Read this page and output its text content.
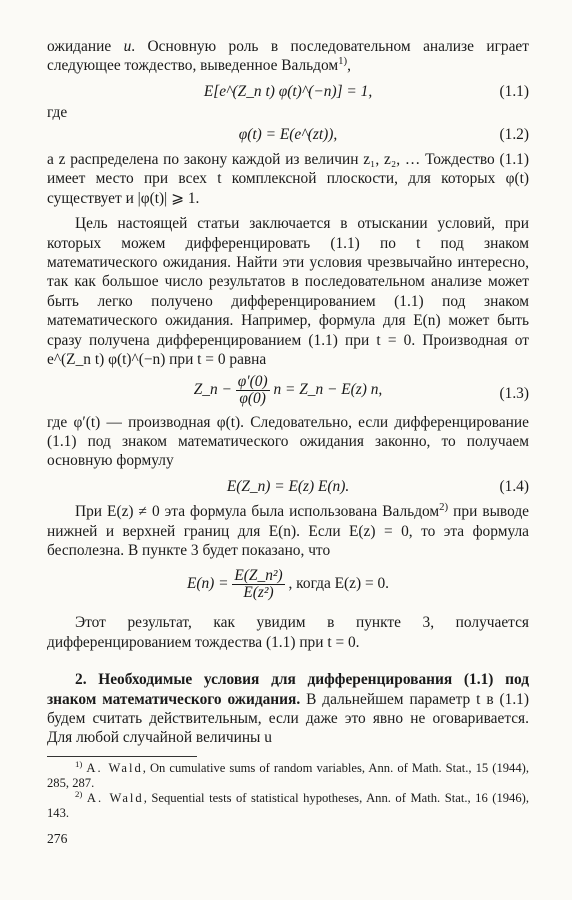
ожидание u. Основную роль в последовательном анализе играет следующее тождество, выведенное Вальдом$^{1)}$,

E[e^(Z_n t) φ(t)^(−n)] = 1,	(1.1)

где

φ(t) = E(e^(zt)),	(1.2)

а z распределена по закону каждой из величин z₁, z₂, … Тождество (1.1) имеет место при всех t комплексной плоскости, для которых φ(t) существует и |φ(t)| ⩾ 1.

Цель настоящей статьи заключается в отыскании условий, при которых можем дифференцировать (1.1) по t под знаком математического ожидания. Найти эти условия чрезвычайно интересно, так как большое число результатов в последовательном анализе может быть легко получено дифференцированием (1.1) под знаком математического ожидания. Например, формула для E(n) может быть сразу получена дифференцированием (1.1) при t = 0. Производная от e^(Z_n t) φ(t)^(−n) при t = 0 равна

Z_n − $\frac{\varphi'(0)}{\varphi(0)}$ n = Z_n − E(z) n,	(1.3)

где φ′(t) — производная φ(t). Следовательно, если дифференцирование (1.1) под знаком математического ожидания законно, то получаем основную формулу

E(Z_n) = E(z) E(n).	(1.4)

При E(z) ≠ 0 эта формула была использована Вальдом$^{2)}$ при выводе нижней и верхней границ для E(n). Если E(z) = 0, то эта формула бесполезна. В пункте 3 будет показано, что

$E(n) = \frac{\text{E(Z\_n²)}}{\text{E(z²)}}$ , когда E(z) = 0.

Этот результат, как увидим в пункте 3, получается дифференцированием тождества (1.1) при t = 0.

2. Необходимые условия для дифференцирования (1.1) под знаком математического ожидания. В дальнейшем параметр t в (1.1) будем считать действительным, если даже это явно не оговаривается. Для любой случайной величины u

$^{1)}$ A. Wald, On cumulative sums of random variables, Ann. of Math. Stat., 15 (1944), 285, 287.

$^{2)}$ A. Wald, Sequential tests of statistical hypotheses, Ann. of Math. Stat., 16 (1946), 143.

276
